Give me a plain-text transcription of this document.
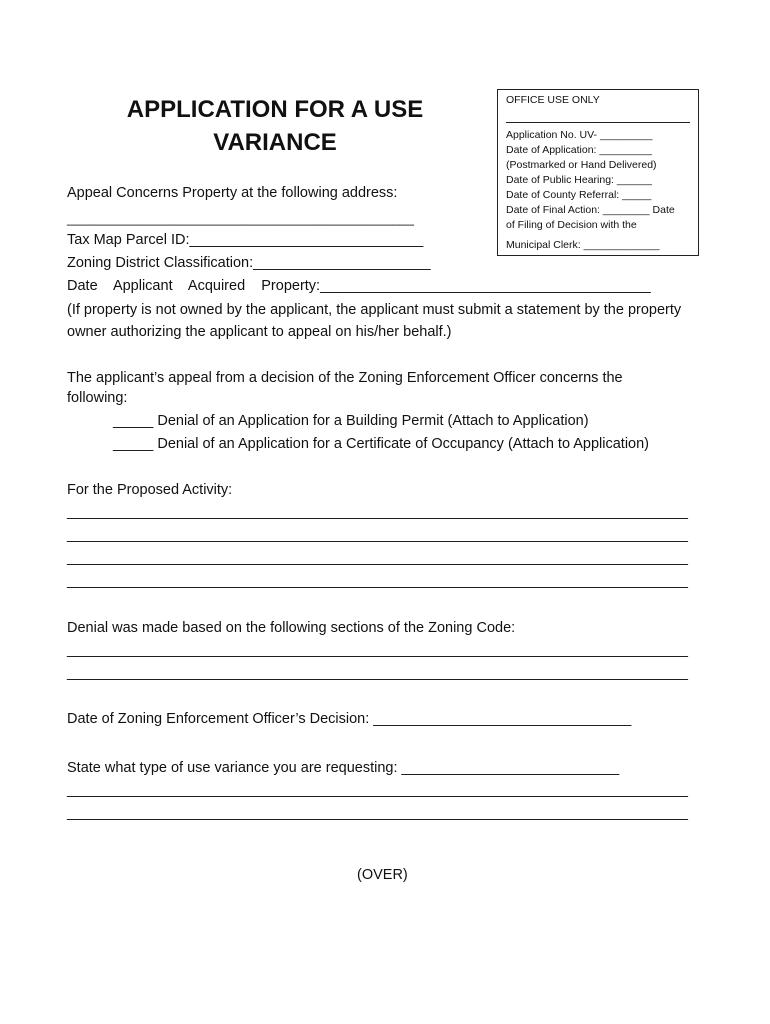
APPLICATION FOR A USE
VARIANCE
OFFICE USE ONLY
Application No. UV- _________
Date of Application: _________
(Postmarked or Hand Delivered)
Date of Public Hearing: ______
Date of County Referral: _____
Date of Final Action: ________ Date
of Filing of Decision with the
Municipal Clerk: _____________
Appeal Concerns Property at the following address:
________________________________________________
Tax Map Parcel ID:_____________________________
Zoning District Classification:______________________
Date    Applicant    Acquired    Property:_________________________________________
(If property is not owned by the applicant, the applicant must submit a statement by the property
owner authorizing the applicant to appeal on his/her behalf.)
The applicant’s appeal from a decision of the Zoning Enforcement Officer concerns the
following:
_____ Denial of an Application for a Building Permit (Attach to Application)
_____ Denial of an Application for a Certificate of Occupancy (Attach to Application)
For the Proposed Activity:
_____________________________________________________________________________
_____________________________________________________________________________
_____________________________________________________________________________
_____________________________________________________________________________
Denial was made based on the following sections of the Zoning Code:
_____________________________________________________________________________
_____________________________________________________________________________
Date of Zoning Enforcement Officer’s Decision: ________________________________
State what type of use variance you are requesting: ___________________________
_____________________________________________________________________________
_____________________________________________________________________________
(OVER)
